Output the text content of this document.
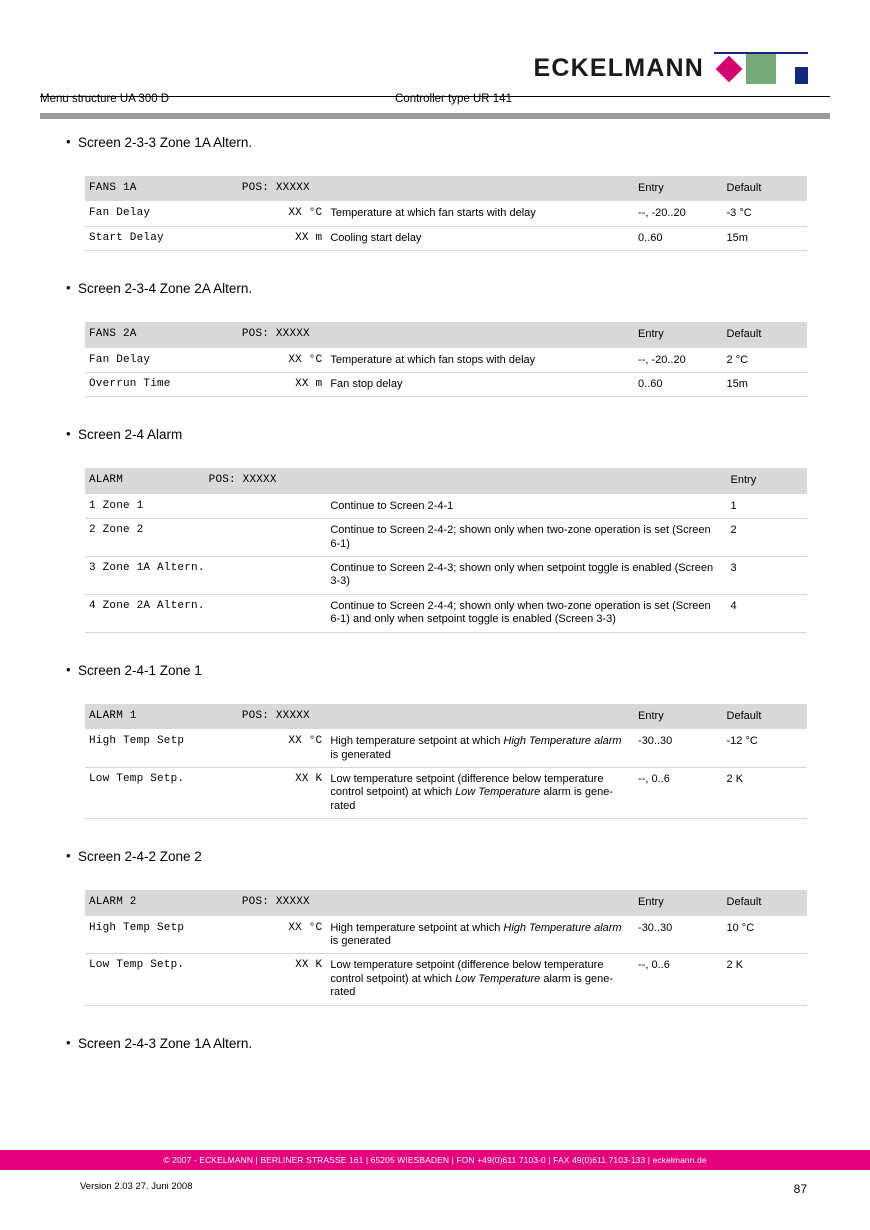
ECKELMANN
Menu structure UA 300 D	Controller type UR 141

• Screen 2-3-3 Zone 1A Altern.

FANS 1A	POS: XXXXX		Entry	Default
Fan Delay	XX °C	Temperature at which fan starts with delay	--, -20..20	-3 °C
Start Delay	XX m	Cooling start delay	0..60	15m

• Screen 2-3-4 Zone 2A Altern.

FANS 2A	POS: XXXXX		Entry	Default
Fan Delay	XX °C	Temperature at which fan stops with delay	--, -20..20	2 °C
Overrun Time	XX m	Fan stop delay	0..60	15m

• Screen 2-4 Alarm

ALARM POS: XXXXX		Entry
1 Zone 1	Continue to Screen 2-4-1	1
2 Zone 2	Continue to Screen 2-4-2; shown only when two-zone operation is set (Screen 6-1)	2
3 Zone 1A Altern.	Continue to Screen 2-4-3; shown only when setpoint toggle is enabled (Screen 3-3)	3
4 Zone 2A Altern.	Continue to Screen 2-4-4; shown only when two-zone operation is set (Screen 6-1) and only when setpoint toggle is enabled (Screen 3-3)	4

• Screen 2-4-1 Zone 1

ALARM 1	POS: XXXXX		Entry	Default
High Temp Setp	XX °C	High temperature setpoint at which High Temperature alarm is generated	-30..30	-12 °C
Low Temp Setp.	XX K	Low temperature setpoint (difference below temperature control setpoint) at which Low Temperature alarm is gene-rated	--, 0..6	2 K

• Screen 2-4-2 Zone 2

ALARM 2	POS: XXXXX		Entry	Default
High Temp Setp	XX °C	High temperature setpoint at which High Temperature alarm is generated	-30..30	10 °C
Low Temp Setp.	XX K	Low temperature setpoint (difference below temperature control setpoint) at which Low Temperature alarm is gene-rated	--, 0..6	2 K

• Screen 2-4-3 Zone 1A Altern.

© 2007 - ECKELMANN | BERLINER STRASSE 161 | 65205 WIESBADEN | FON +49(0)611 7103-0 | FAX 49(0)611 7103-133 | eckelmann.de
Version 2.03 27. Juni 2008	87
